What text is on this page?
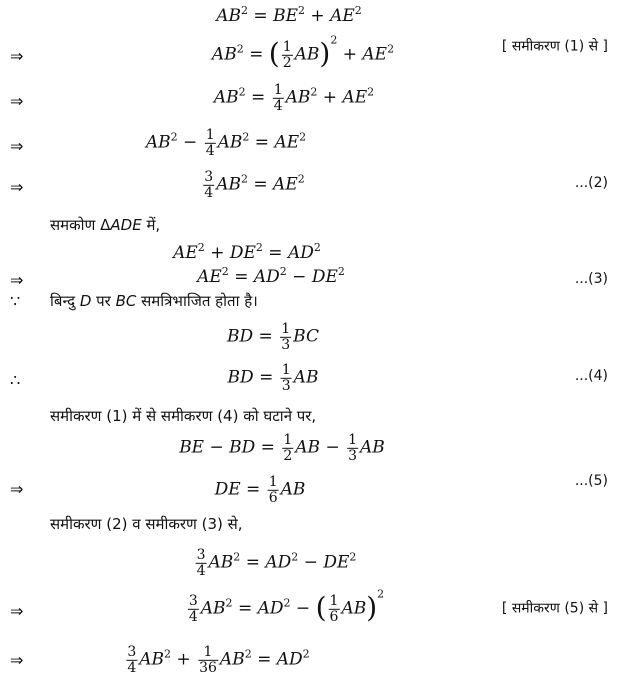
$AB^2 = BE^2 + AE^2$
⇒	$AB^2$ = ( $\frac{1}{2} AB)^2 + AE^2$	[ समीकरण (1) से ]
⇒	$AB^2 = \frac{1}{4} AB^2 + AE^2$
⇒	$AB^2 - \frac{1}{4} AB^2 = AE^2$
⇒	$\frac{3}{4} AB^2 = AE^2$	...(2)
समकोण ΔADE में,
$AE^2 + DE^2 = AD^2$
⇒	$AE^2 = AD^2 - DE^2$	...(3)
∵ बिन्दु D पर BC समत्रिभाजित होता है।
BD = $\frac{1}{3}$ BC
∴	BD = $\frac{1}{3}$ AB	...(4)
समीकरण (1) में से समीकरण (4) को घटाने पर,
BE − BD = $\frac{1}{2}$ AB − $\frac{1}{3}$ AB
⇒	DE = $\frac{1}{6}$ AB	...(5)
समीकरण (2) व समीकरण (3) से,
$\frac{3}{4} AB^2 = AD^2 - DE^2$
⇒	$\frac{3}{4} AB^2 = AD^2$ − ( $\frac{1}{6} AB)^2$
[ समीकरण (5) से ]
⇒	$\frac{3}{4} AB^2 + \frac{1}{36} AB^2 = AD^2$
